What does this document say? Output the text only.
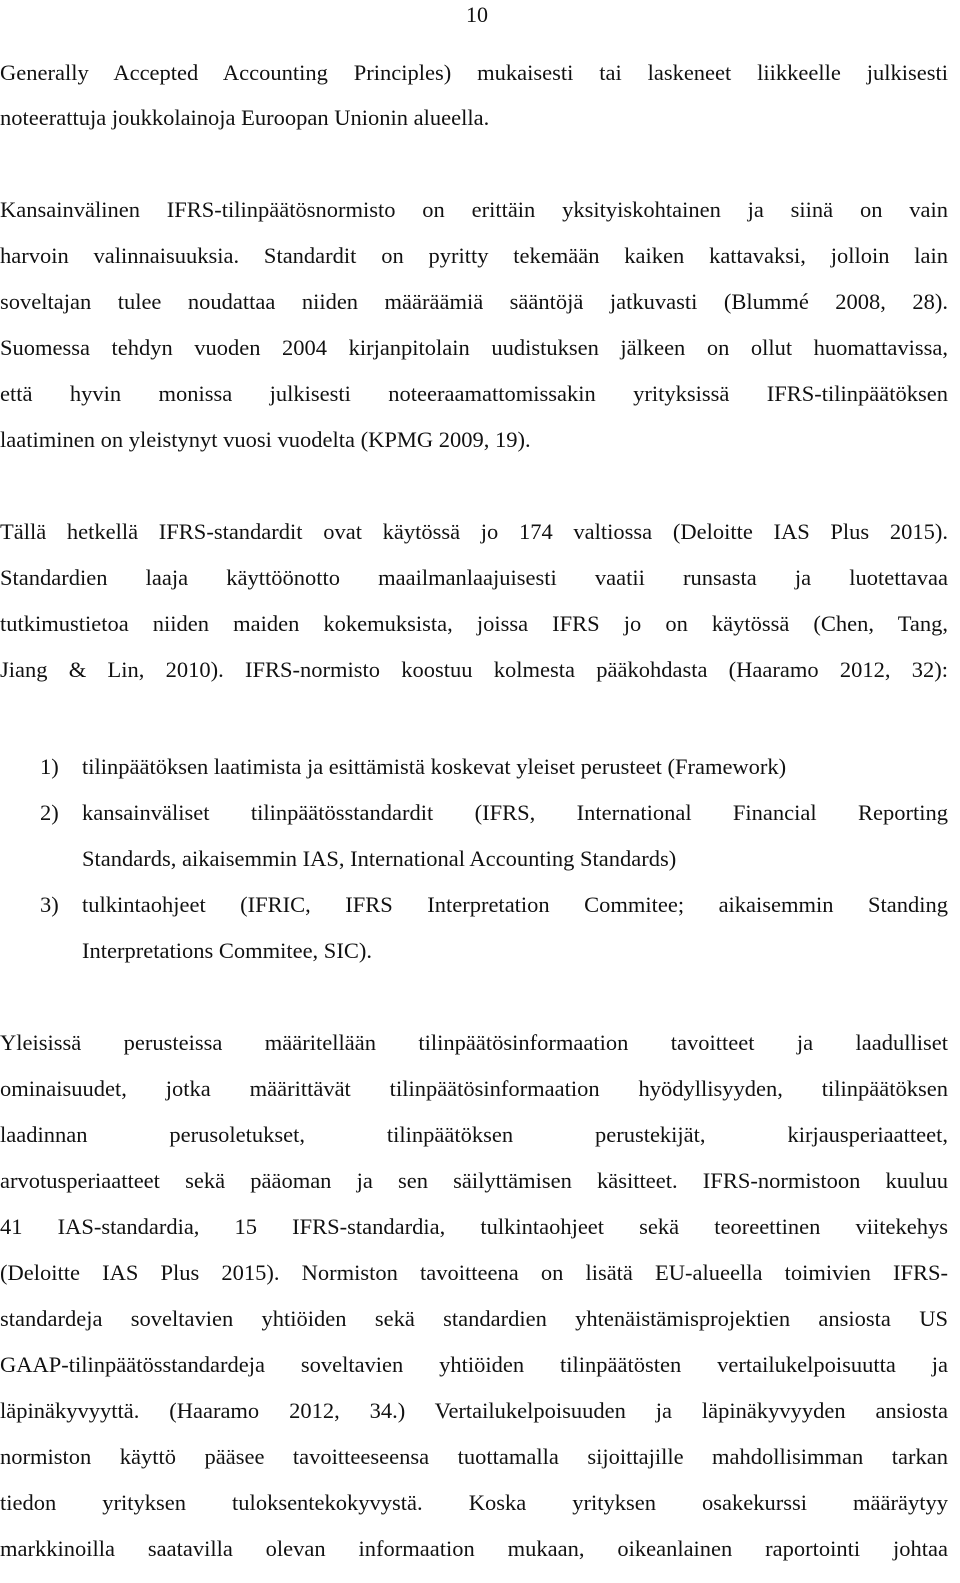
10
Generally Accepted Accounting Principles) mukaisesti tai laskeneet liikkeelle julkisesti
noteerattuja joukkolainoja Euroopan Unionin alueella.
Kansainvälinen IFRS-tilinpäätösnormisto on erittäin yksityiskohtainen ja siinä on vain
harvoin valinnaisuuksia. Standardit on pyritty tekemään kaiken kattavaksi, jolloin lain
soveltajan tulee noudattaa niiden määräämiä sääntöjä jatkuvasti (Blummé 2008, 28).
Suomessa tehdyn vuoden 2004 kirjanpitolain uudistuksen jälkeen on ollut huomattavissa,
että hyvin monissa julkisesti noteeraamattomissakin yrityksissä IFRS-tilinpäätöksen
laatiminen on yleistynyt vuosi vuodelta (KPMG 2009, 19).
Tällä hetkellä IFRS-standardit ovat käytössä jo 174 valtiossa (Deloitte IAS Plus 2015).
Standardien laaja käyttöönotto maailmanlaajuisesti vaatii runsasta ja luotettavaa
tutkimustietoa niiden maiden kokemuksista, joissa IFRS jo on käytössä (Chen, Tang,
Jiang & Lin, 2010). IFRS-normisto koostuu kolmesta pääkohdasta (Haaramo 2012, 32):
1) tilinpäätöksen laatimista ja esittämistä koskevat yleiset perusteet (Framework)
2) kansainväliset tilinpäätösstandardit (IFRS, International Financial Reporting
Standards, aikaisemmin IAS, International Accounting Standards)
3) tulkintaohjeet (IFRIC, IFRS Interpretation Commitee; aikaisemmin Standing
Interpretations Commitee, SIC).
Yleisissä perusteissa määritellään tilinpäätösinformaation tavoitteet ja laadulliset
ominaisuudet, jotka määrittävät tilinpäätösinformaation hyödyllisyyden, tilinpäätöksen
laadinnan perusoletukset, tilinpäätöksen perustekijät, kirjausperiaatteet,
arvotusperiaatteet sekä pääoman ja sen säilyttämisen käsitteet. IFRS-normistoon kuuluu
41 IAS-standardia, 15 IFRS-standardia, tulkintaohjeet sekä teoreettinen viitekehys
(Deloitte IAS Plus 2015). Normiston tavoitteena on lisätä EU-alueella toimivien IFRS-
standardeja soveltavien yhtiöiden sekä standardien yhtenäistämisprojektien ansiosta US
GAAP-tilinpäätösstandardeja soveltavien yhtiöiden tilinpäätösten vertailukelpoisuutta ja
läpinäkyvyyttä. (Haaramo 2012, 34.) Vertailukelpoisuuden ja läpinäkyvyyden ansiosta
normiston käyttö pääsee tavoitteeseensa tuottamalla sijoittajille mahdollisimman tarkan
tiedon yrityksen tuloksentekokyvystä. Koska yrityksen osakekurssi määräytyy
markkinoilla saatavilla olevan informaation mukaan, oikeanlainen raportointi johtaa
